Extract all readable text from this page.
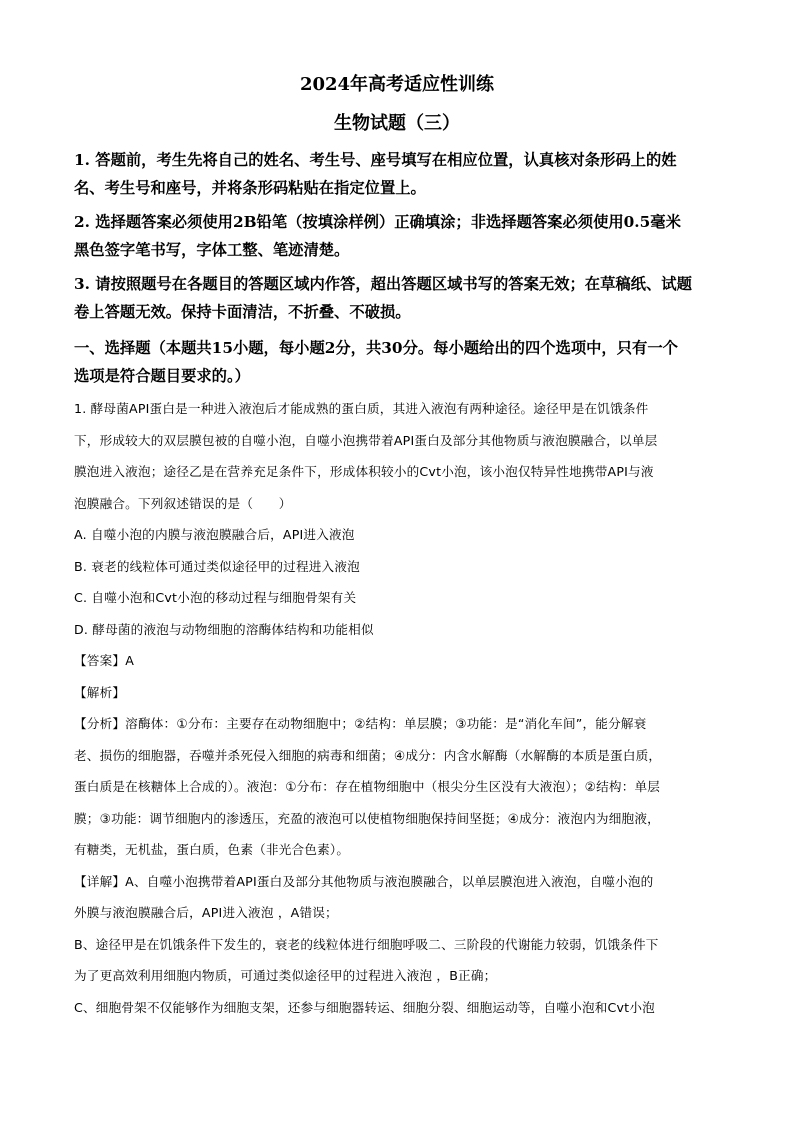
2024年高考适应性训练
生物试题（三）
1. 答题前，考生先将自己的姓名、考生号、座号填写在相应位置，认真核对条形码上的姓
名、考生号和座号，并将条形码粘贴在指定位置上。
2. 选择题答案必须使用2B铅笔（按填涂样例）正确填涂；非选择题答案必须使用0.5毫米
黑色签字笔书写，字体工整、笔迹清楚。
3. 请按照题号在各题目的答题区域内作答，超出答题区域书写的答案无效；在草稿纸、试题
卷上答题无效。保持卡面清洁，不折叠、不破损。
一、选择题（本题共15小题，每小题2分，共30分。每小题给出的四个选项中，只有一个
选项是符合题目要求的。）
1. 酵母菌API蛋白是一种进入液泡后才能成熟的蛋白质，其进入液泡有两种途径。途径甲是在饥饿条件
下，形成较大的双层膜包被的自噬小泡，自噬小泡携带着API蛋白及部分其他物质与液泡膜融合，以单层
膜泡进入液泡；途径乙是在营养充足条件下，形成体积较小的Cvt小泡，该小泡仅特异性地携带API与液
泡膜融合。下列叙述错误的是（　　）
A. 自噬小泡的内膜与液泡膜融合后，API进入液泡
B. 衰老的线粒体可通过类似途径甲的过程进入液泡
C. 自噬小泡和Cvt小泡的移动过程与细胞骨架有关
D. 酵母菌的液泡与动物细胞的溶酶体结构和功能相似
【答案】A
【解析】
【分析】溶酶体：①分布：主要存在动物细胞中；②结构：单层膜；③功能：是“消化车间”，能分解衰
老、损伤的细胞器，吞噬并杀死侵入细胞的病毒和细菌；④成分：内含水解酶（水解酶的本质是蛋白质，
蛋白质是在核糖体上合成的）。液泡：①分布：存在植物细胞中（根尖分生区没有大液泡）；②结构：单层
膜；③功能：调节细胞内的渗透压，充盈的液泡可以使植物细胞保持间坚挺；④成分：液泡内为细胞液，
有糖类，无机盐，蛋白质，色素（非光合色素）。
【详解】A、自噬小泡携带着API蛋白及部分其他物质与液泡膜融合，以单层膜泡进入液泡，自噬小泡的
外膜与液泡膜融合后，API进入液泡 ，A错误；
B、途径甲是在饥饿条件下发生的，衰老的线粒体进行细胞呼吸二、三阶段的代谢能力较弱，饥饿条件下
为了更高效利用细胞内物质，可通过类似途径甲的过程进入液泡 ，B正确；
C、细胞骨架不仅能够作为细胞支架，还参与细胞器转运、细胞分裂、细胞运动等，自噬小泡和Cvt小泡
